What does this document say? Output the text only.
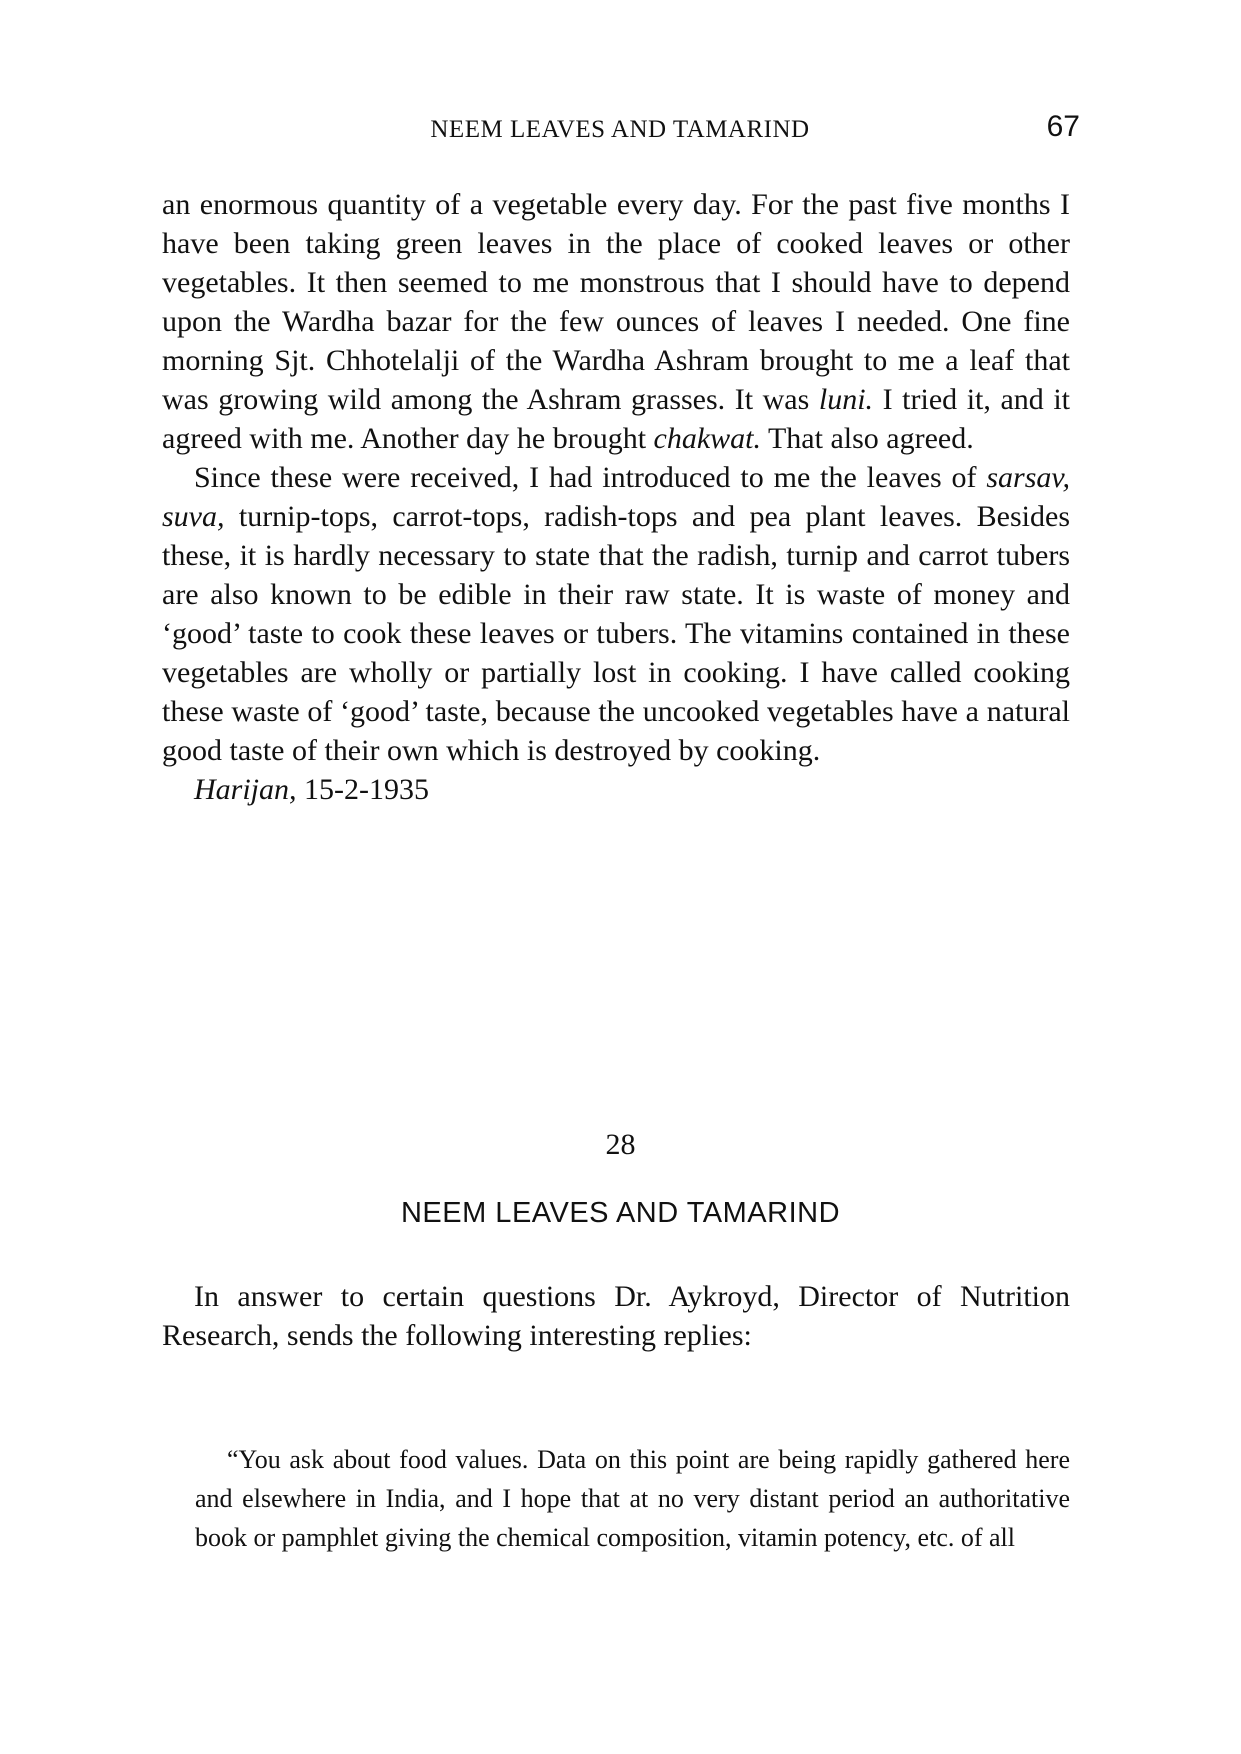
NEEM LEAVES AND TAMARIND	67

an enormous quantity of a vegetable every day. For the past five months I have been taking green leaves in the place of cooked leaves or other vegetables. It then seemed to me monstrous that I should have to depend upon the Wardha bazar for the few ounces of leaves I needed. One fine morning Sjt. Chhotelalji of the Wardha Ashram brought to me a leaf that was growing wild among the Ashram grasses. It was luni. I tried it, and it agreed with me. Another day he brought chakwat. That also agreed.

Since these were received, I had introduced to me the leaves of sarsav, suva, turnip-tops, carrot-tops, radish-tops and pea plant leaves. Besides these, it is hardly necessary to state that the radish, turnip and carrot tubers are also known to be edible in their raw state. It is waste of money and ‘good’ taste to cook these leaves or tubers. The vitamins contained in these vegetables are wholly or partially lost in cooking. I have called cooking these waste of ‘good’ taste, because the uncooked vegetables have a natural good taste of their own which is destroyed by cooking.

Harijan, 15-2-1935

28
NEEM LEAVES AND TAMARIND

In answer to certain questions Dr. Aykroyd, Director of Nutrition Research, sends the following interesting replies:

“You ask about food values. Data on this point are being rapidly gathered here and elsewhere in India, and I hope that at no very distant period an authoritative book or pamphlet giving the chemical composition, vitamin potency, etc. of all
